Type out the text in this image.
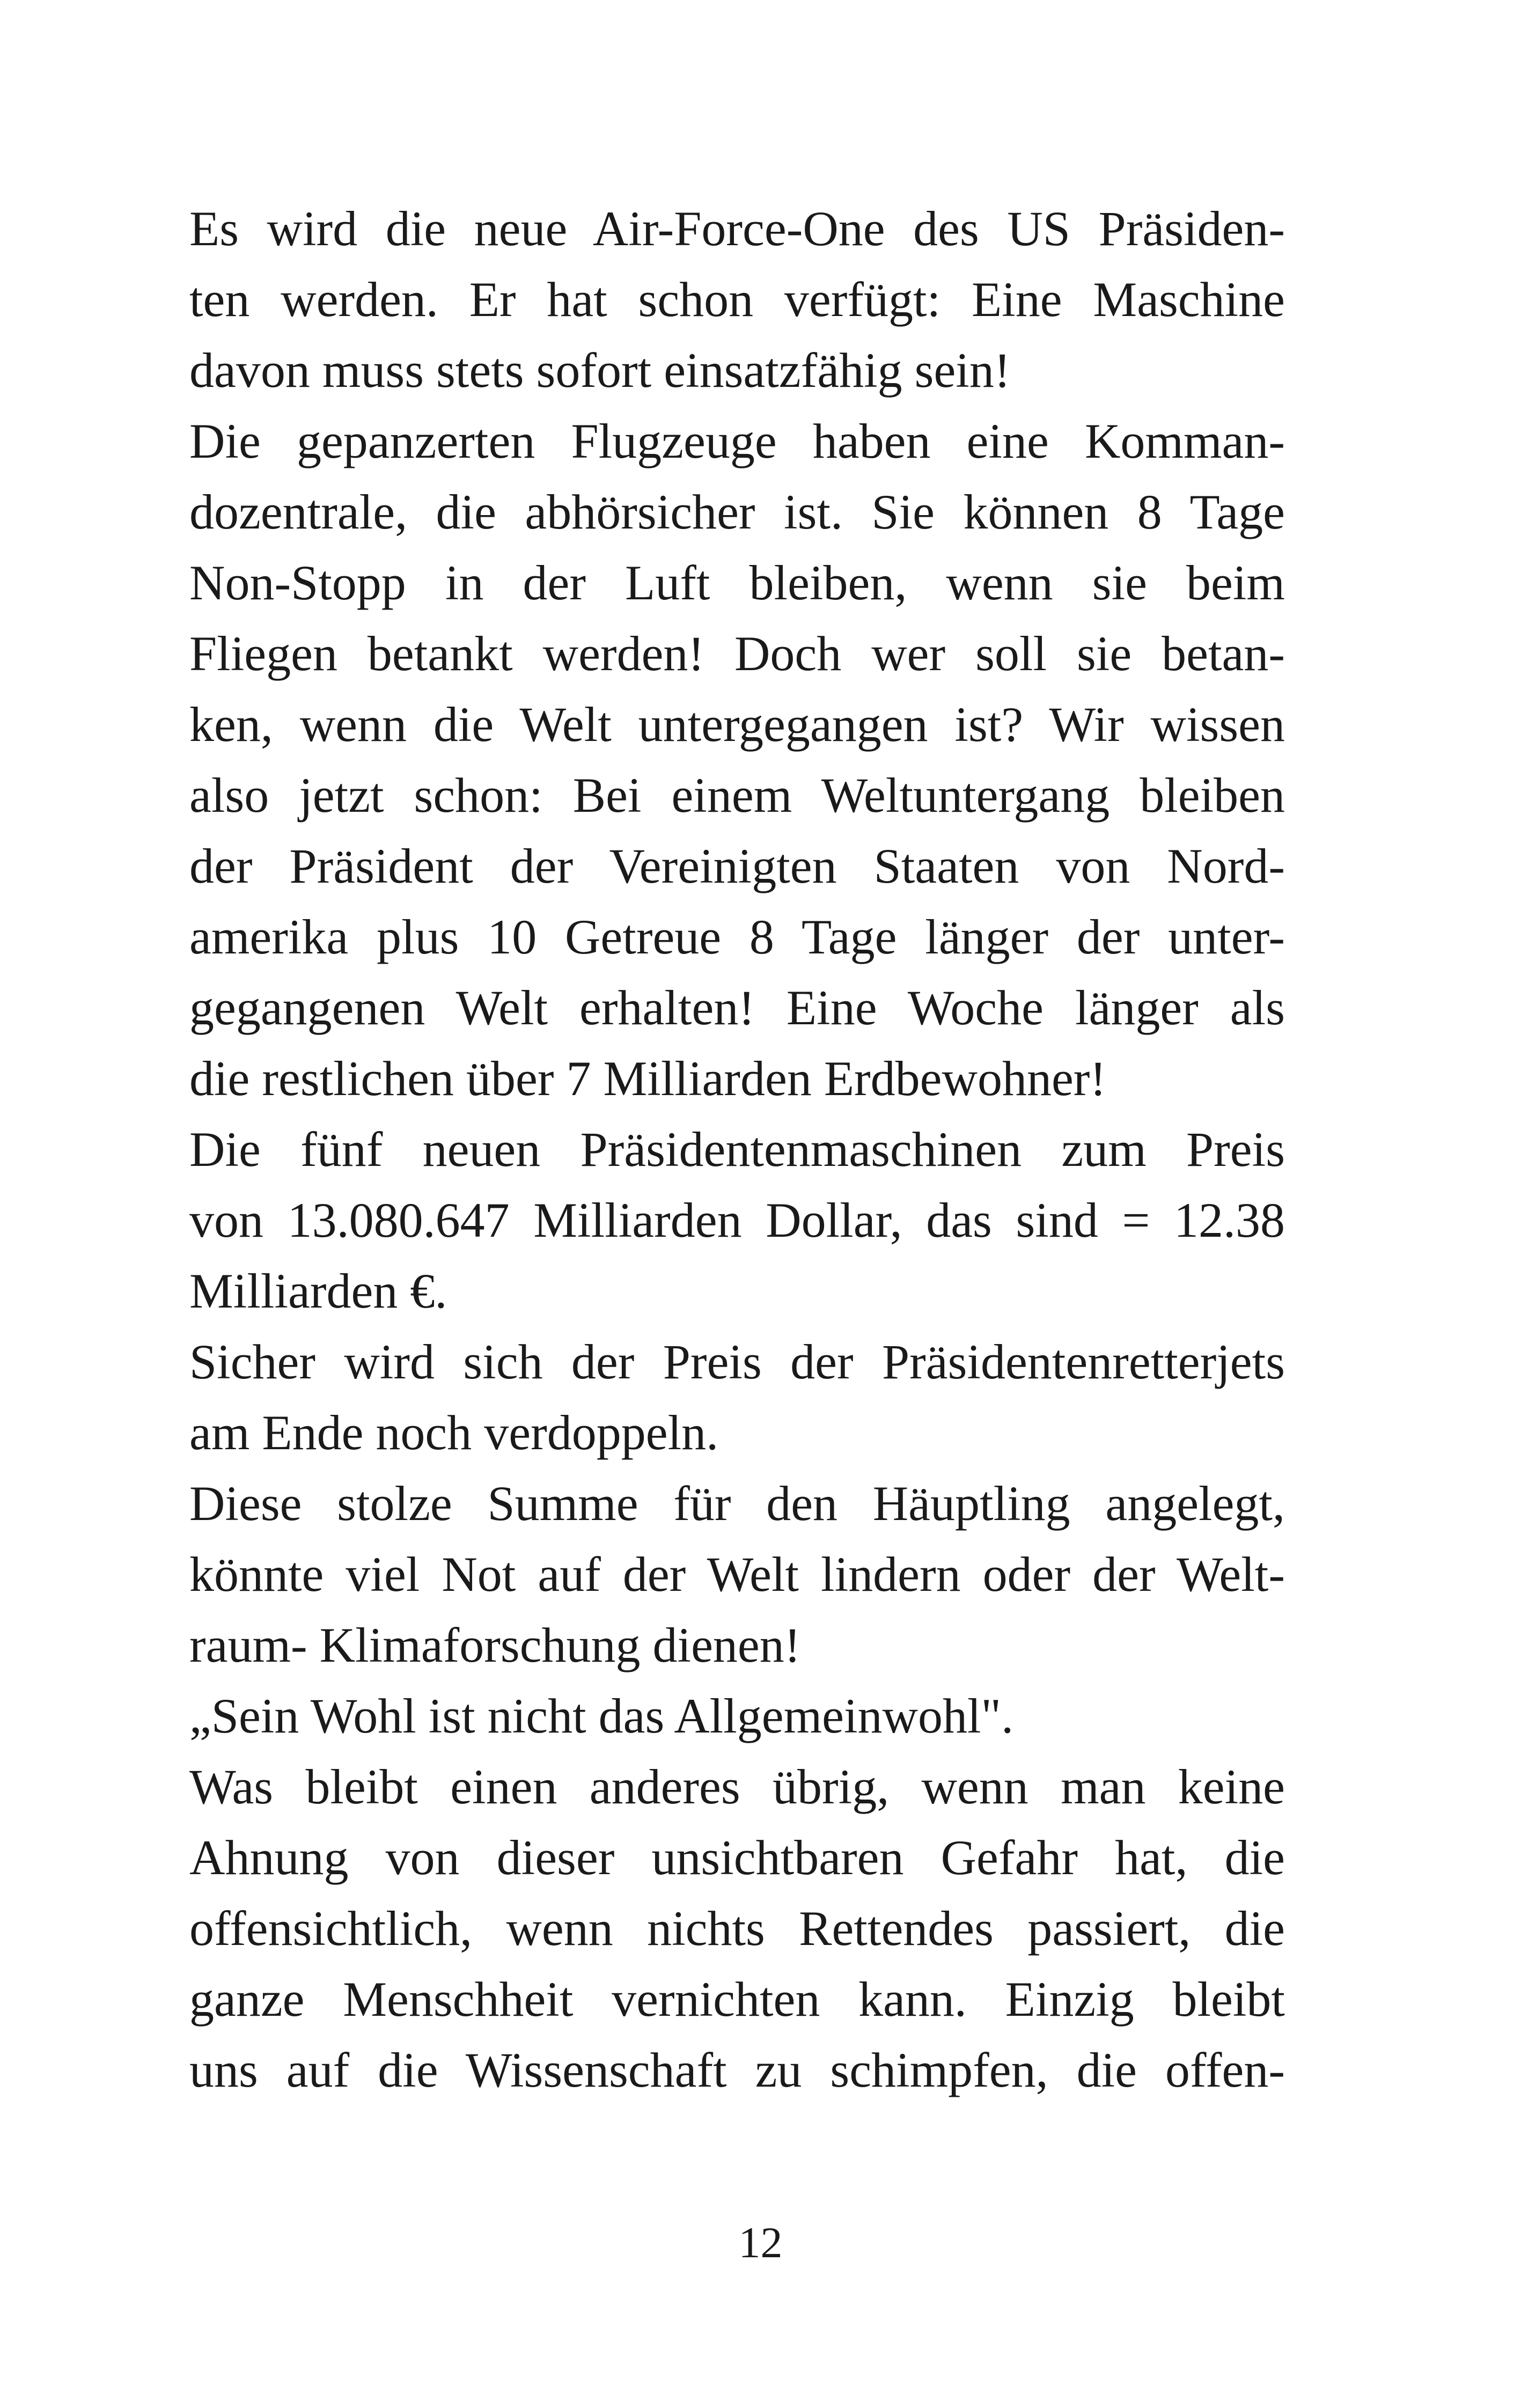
Es wird die neue Air-Force-One des US Präsiden-
ten werden. Er hat schon verfügt: Eine Maschine
davon muss stets sofort einsatzfähig sein!
Die gepanzerten Flugzeuge haben eine Komman-
dozentrale, die abhörsicher ist. Sie können 8 Tage
Non-Stopp in der Luft bleiben, wenn sie beim
Fliegen betankt werden! Doch wer soll sie betan-
ken, wenn die Welt untergegangen ist? Wir wissen
also jetzt schon: Bei einem Weltuntergang bleiben
der Präsident der Vereinigten Staaten von Nord-
amerika plus 10 Getreue 8 Tage länger der unter-
gegangenen Welt erhalten! Eine Woche länger als
die restlichen über 7 Milliarden Erdbewohner!
Die fünf neuen Präsidentenmaschinen zum Preis
von 13.080.647 Milliarden Dollar, das sind = 12.38
Milliarden €.
Sicher wird sich der Preis der Präsidentenretterjets
am Ende noch verdoppeln.
Diese stolze Summe für den Häuptling angelegt,
könnte viel Not auf der Welt lindern oder der Welt-
raum- Klimaforschung dienen!
„Sein Wohl ist nicht das Allgemeinwohl".
Was bleibt einen anderes übrig, wenn man keine
Ahnung von dieser unsichtbaren Gefahr hat, die
offensichtlich, wenn nichts Rettendes passiert, die
ganze Menschheit vernichten kann. Einzig bleibt
uns auf die Wissenschaft zu schimpfen, die offen-
12
